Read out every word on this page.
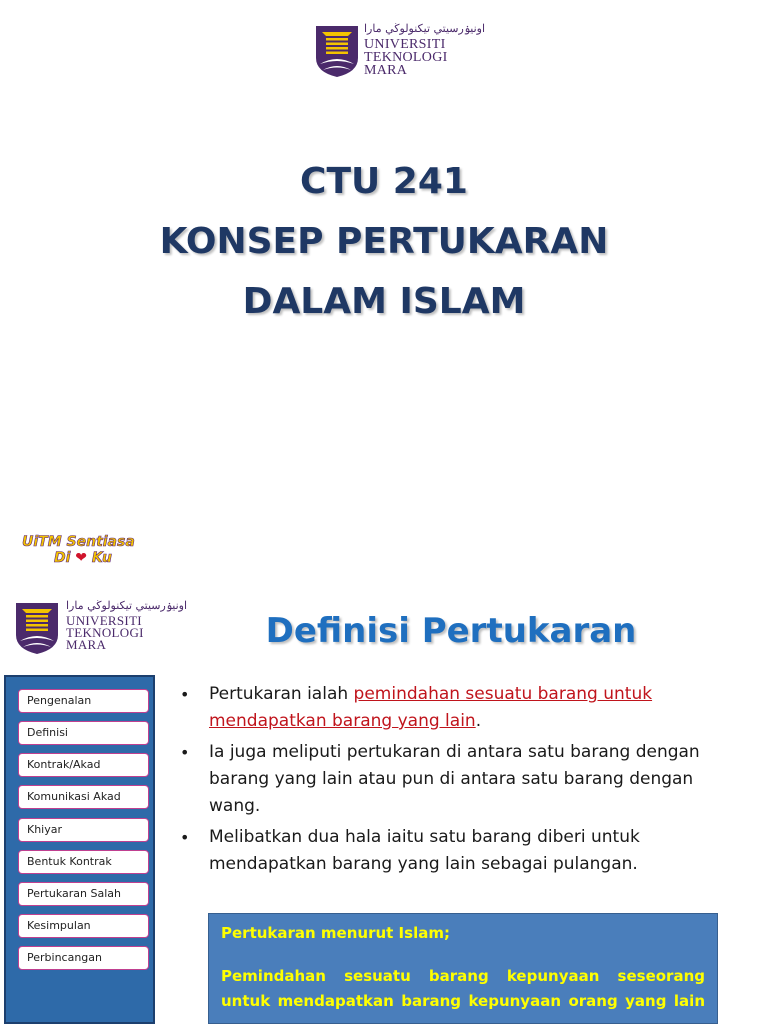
اونيۏرسيتي تيكنولوڬي مارا
UNIVERSITI
TEKNOLOGI
MARA
CTU 241
KONSEP PERTUKARAN
DALAM ISLAM
UiTM Sentiasa
Di ❤ Ku
اونيۏرسيتي تيكنولوڬي مارا
UNIVERSITI
TEKNOLOGI
MARA	Definisi Pertukaran
Pengenalan
Definisi
Kontrak/Akad
Komunikasi Akad
Khiyar
Bentuk Kontrak
Pertukaran Salah
Kesimpulan
Perbincangan
• Pertukaran ialah pemindahan sesuatu barang untuk mendapatkan barang yang lain.
• Ia juga meliputi pertukaran di antara satu barang dengan barang yang lain atau pun di antara satu barang dengan wang.
• Melibatkan dua hala iaitu satu barang diberi untuk mendapatkan barang yang lain sebagai pulangan.
Pertukaran menurut Islam;
Pemindahan sesuatu barang kepunyaan seseorang untuk mendapatkan barang kepunyaan orang yang lain
